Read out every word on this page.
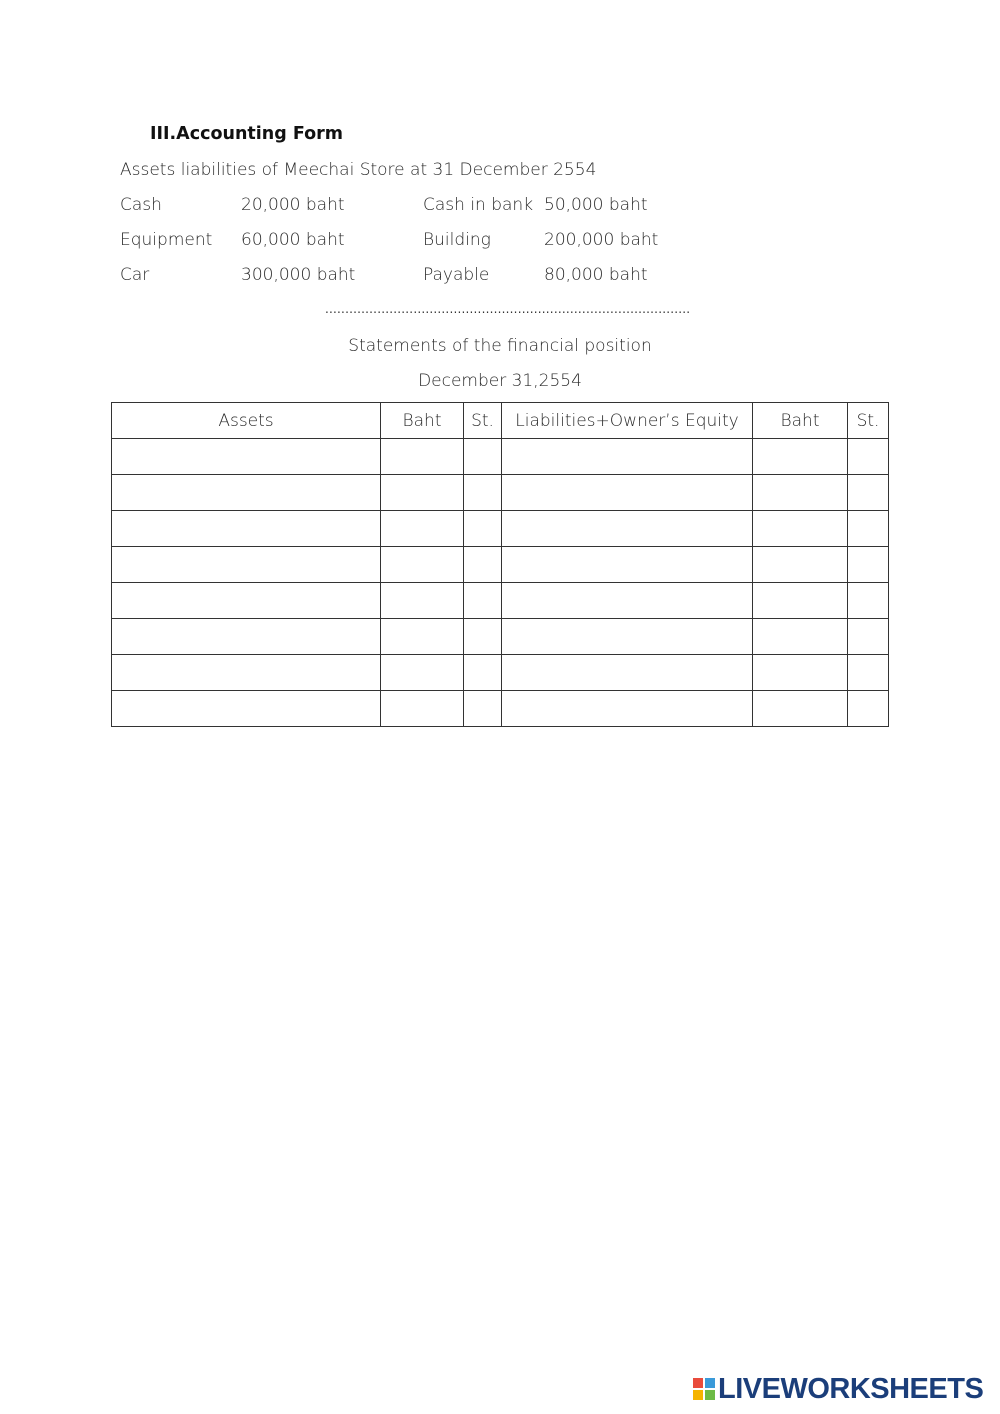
III.Accounting Form
Assets liabilities of Meechai Store at 31 December 2554
Cash	20,000 baht	Cash in bank 50,000 baht
Equipment 60,000 baht	Building	200,000 baht
Car	300,000 baht	Payable	80,000 baht
...........................................................................................
Statements of the financial position
December 31,2554
Assets	Baht	St.	Liabilities+Owner’s Equity	Baht	St.

LIVEWORKSHEETS
